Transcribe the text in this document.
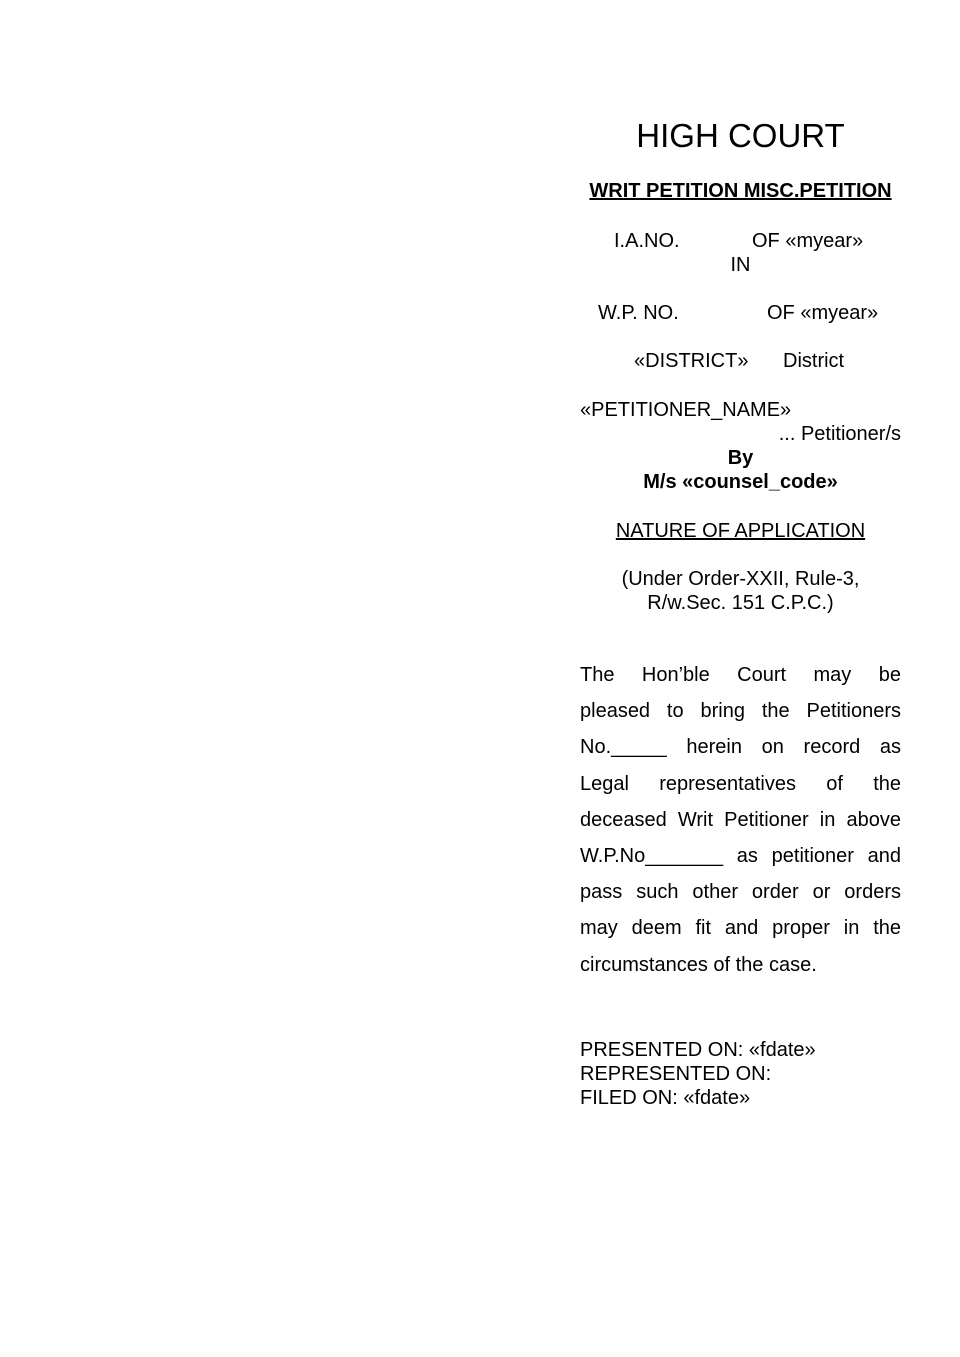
HIGH COURT
WRIT PETITION MISC.PETITION
I.A.NO.	OF «myear»
IN
W.P. NO.	OF «myear»
«DISTRICT» District
«PETITIONER_NAME»
... Petitioner/s
By
M/s «counsel_code»
NATURE OF APPLICATION
(Under Order-XXII, Rule-3,
R/w.Sec. 151 C.P.C.)
The Hon’ble Court may be
pleased to bring the Petitioners
No._____ herein on record as
Legal representatives of the
deceased Writ Petitioner in above
W.P.No_______ as petitioner and
pass such other order or orders
may deem fit and proper in the
circumstances of the case.
PRESENTED ON: «fdate»
REPRESENTED ON:
FILED ON: «fdate»
